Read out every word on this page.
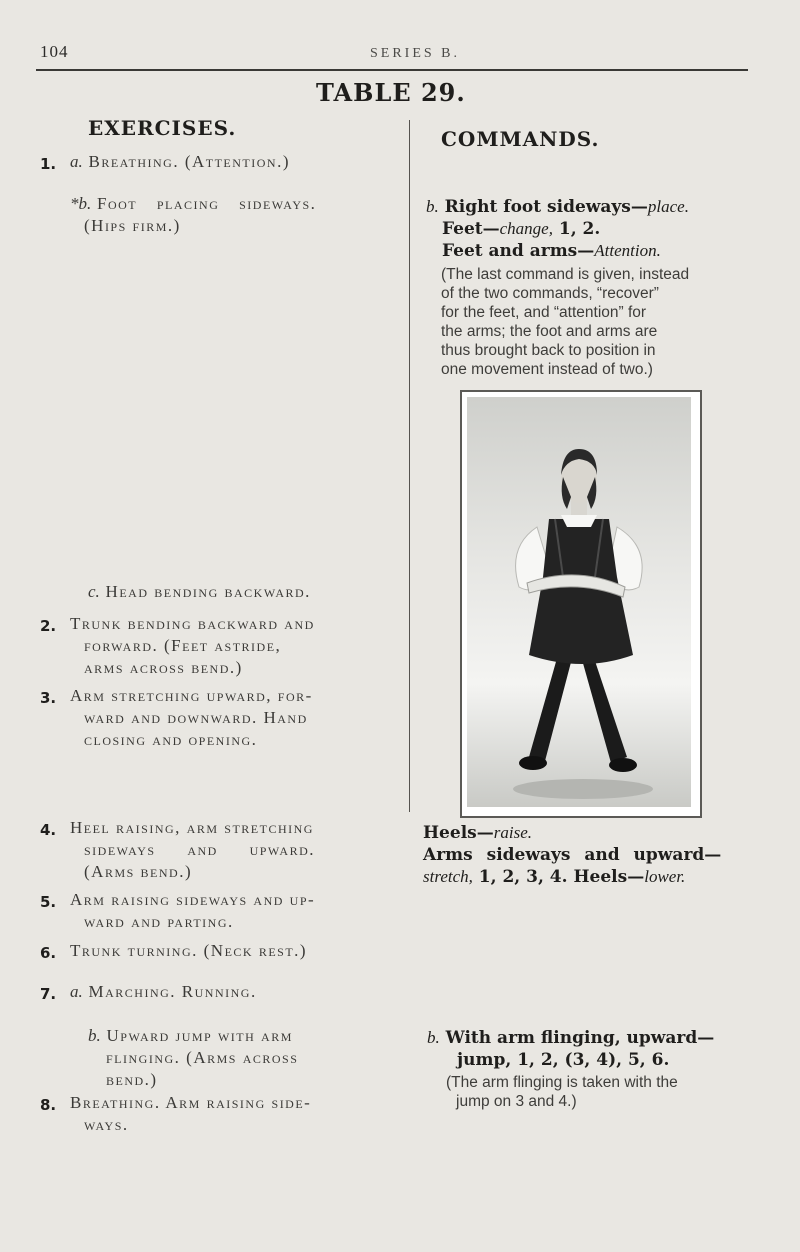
104	SERIES B.
TABLE 29.
EXERCISES.	COMMANDS.
1. a. Breathing. (Attention.)
*b. Foot placing sideways.
(Hips firm.)
c. Head bending backward.
2. Trunk bending backward and
forward. (Feet astride,
arms across bend.)
3. Arm stretching upward, for-
ward and downward. Hand
closing and opening.
4. Heel raising, arm stretching
sideways and upward.
(Arms bend.)
5. Arm raising sideways and up-
ward and parting.
6. Trunk turning. (Neck rest.)
7. a. Marching. Running.
b. Upward jump with arm
flinging. (Arms across
bend.)
8. Breathing. Arm raising side-
ways.
b. Right foot sideways—place.
Feet—change, 1, 2.
Feet and arms—Attention.
(The last command is given, instead
of the two commands, “recover”
for the feet, and “attention” for
the arms; the foot and arms are
thus brought back to position in
one movement instead of two.)
Heels—raise.
Arms sideways and upward—
stretch, 1, 2, 3, 4. Heels—lower.
b. With arm flinging, upward—
jump, 1, 2, (3, 4), 5, 6.
(The arm flinging is taken with the
jump on 3 and 4.)
